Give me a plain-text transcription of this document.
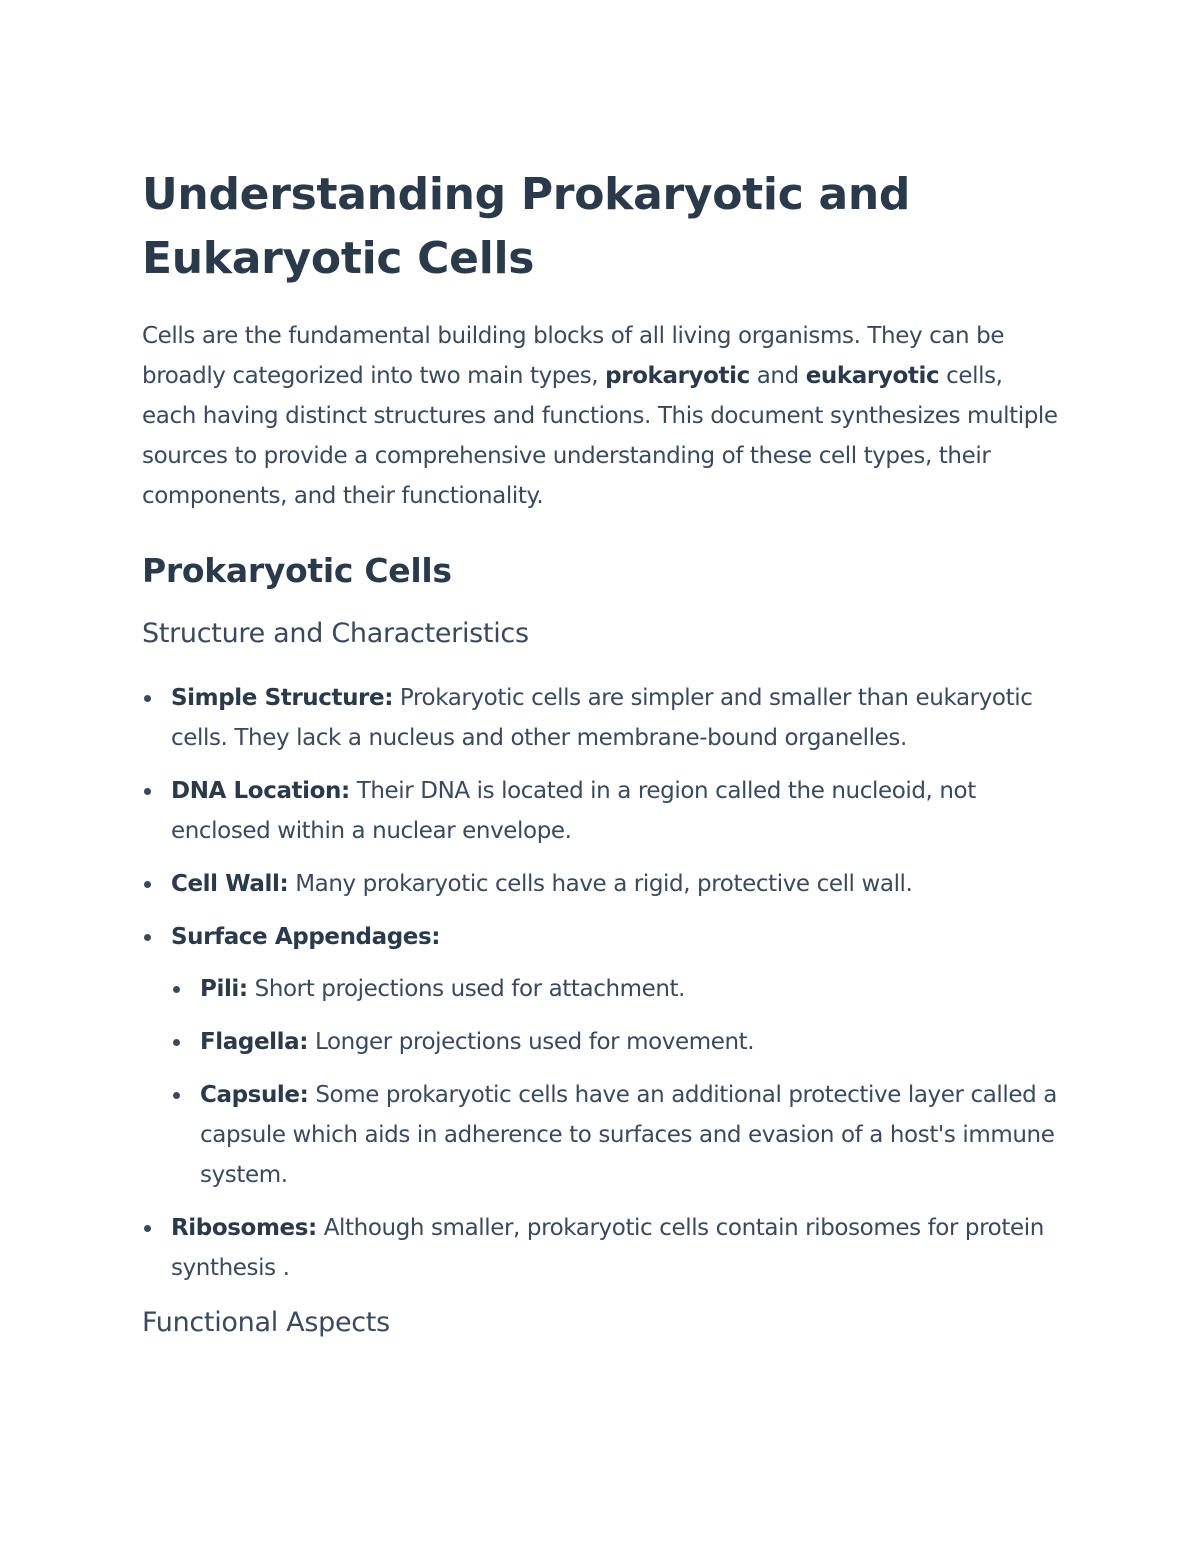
Understanding Prokaryotic and Eukaryotic Cells

Cells are the fundamental building blocks of all living organisms. They can be broadly categorized into two main types, prokaryotic and eukaryotic cells, each having distinct structures and functions. This document synthesizes multiple sources to provide a comprehensive understanding of these cell types, their components, and their functionality.

Prokaryotic Cells
Structure and Characteristics
Simple Structure: Prokaryotic cells are simpler and smaller than eukaryotic cells. They lack a nucleus and other membrane-bound organelles.
DNA Location: Their DNA is located in a region called the nucleoid, not enclosed within a nuclear envelope.
Cell Wall: Many prokaryotic cells have a rigid, protective cell wall.
Surface Appendages:
Pili: Short projections used for attachment.
Flagella: Longer projections used for movement.
Capsule: Some prokaryotic cells have an additional protective layer called a capsule which aids in adherence to surfaces and evasion of a host's immune system.
Ribosomes: Although smaller, prokaryotic cells contain ribosomes for protein synthesis .
Functional Aspects
